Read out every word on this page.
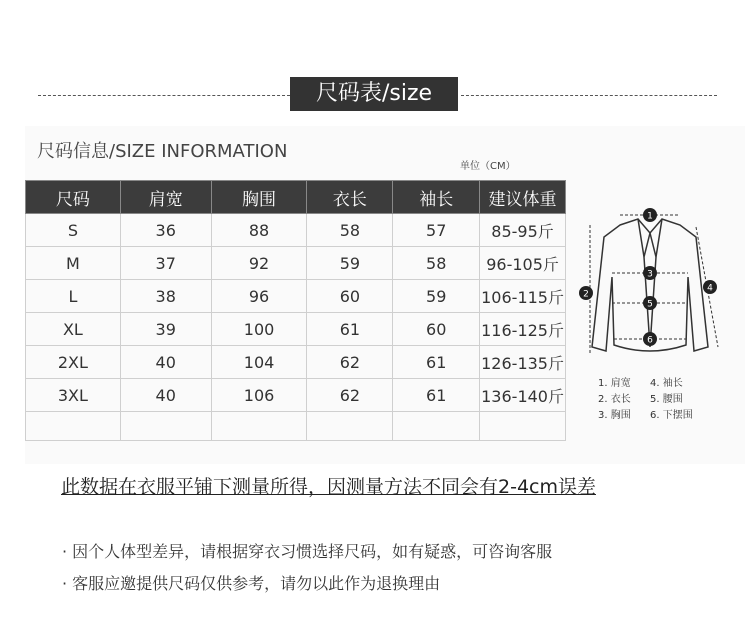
尺码表/size
尺码信息/SIZE INFORMATION
单位（CM）
尺码	肩宽	胸围	衣长	袖长	建议体重
S	36	88	58	57	85-95斤
M	37	92	59	58	96-105斤
L	38	96	60	59	106-115斤
XL	39	100	61	60	116-125斤
2XL	40	104	62	61	126-135斤
3XL	40	106	62	61	136-140斤

1
2
3
4
5
6
1. 肩宽 4. 袖长
2. 衣长 5. 腰围
3. 胸围 6. 下摆围
此数据在衣服平铺下测量所得，因测量方法不同会有2-4cm误差
· 因个人体型差异，请根据穿衣习惯选择尺码，如有疑惑，可咨询客服
· 客服应邀提供尺码仅供参考，请勿以此作为退换理由
